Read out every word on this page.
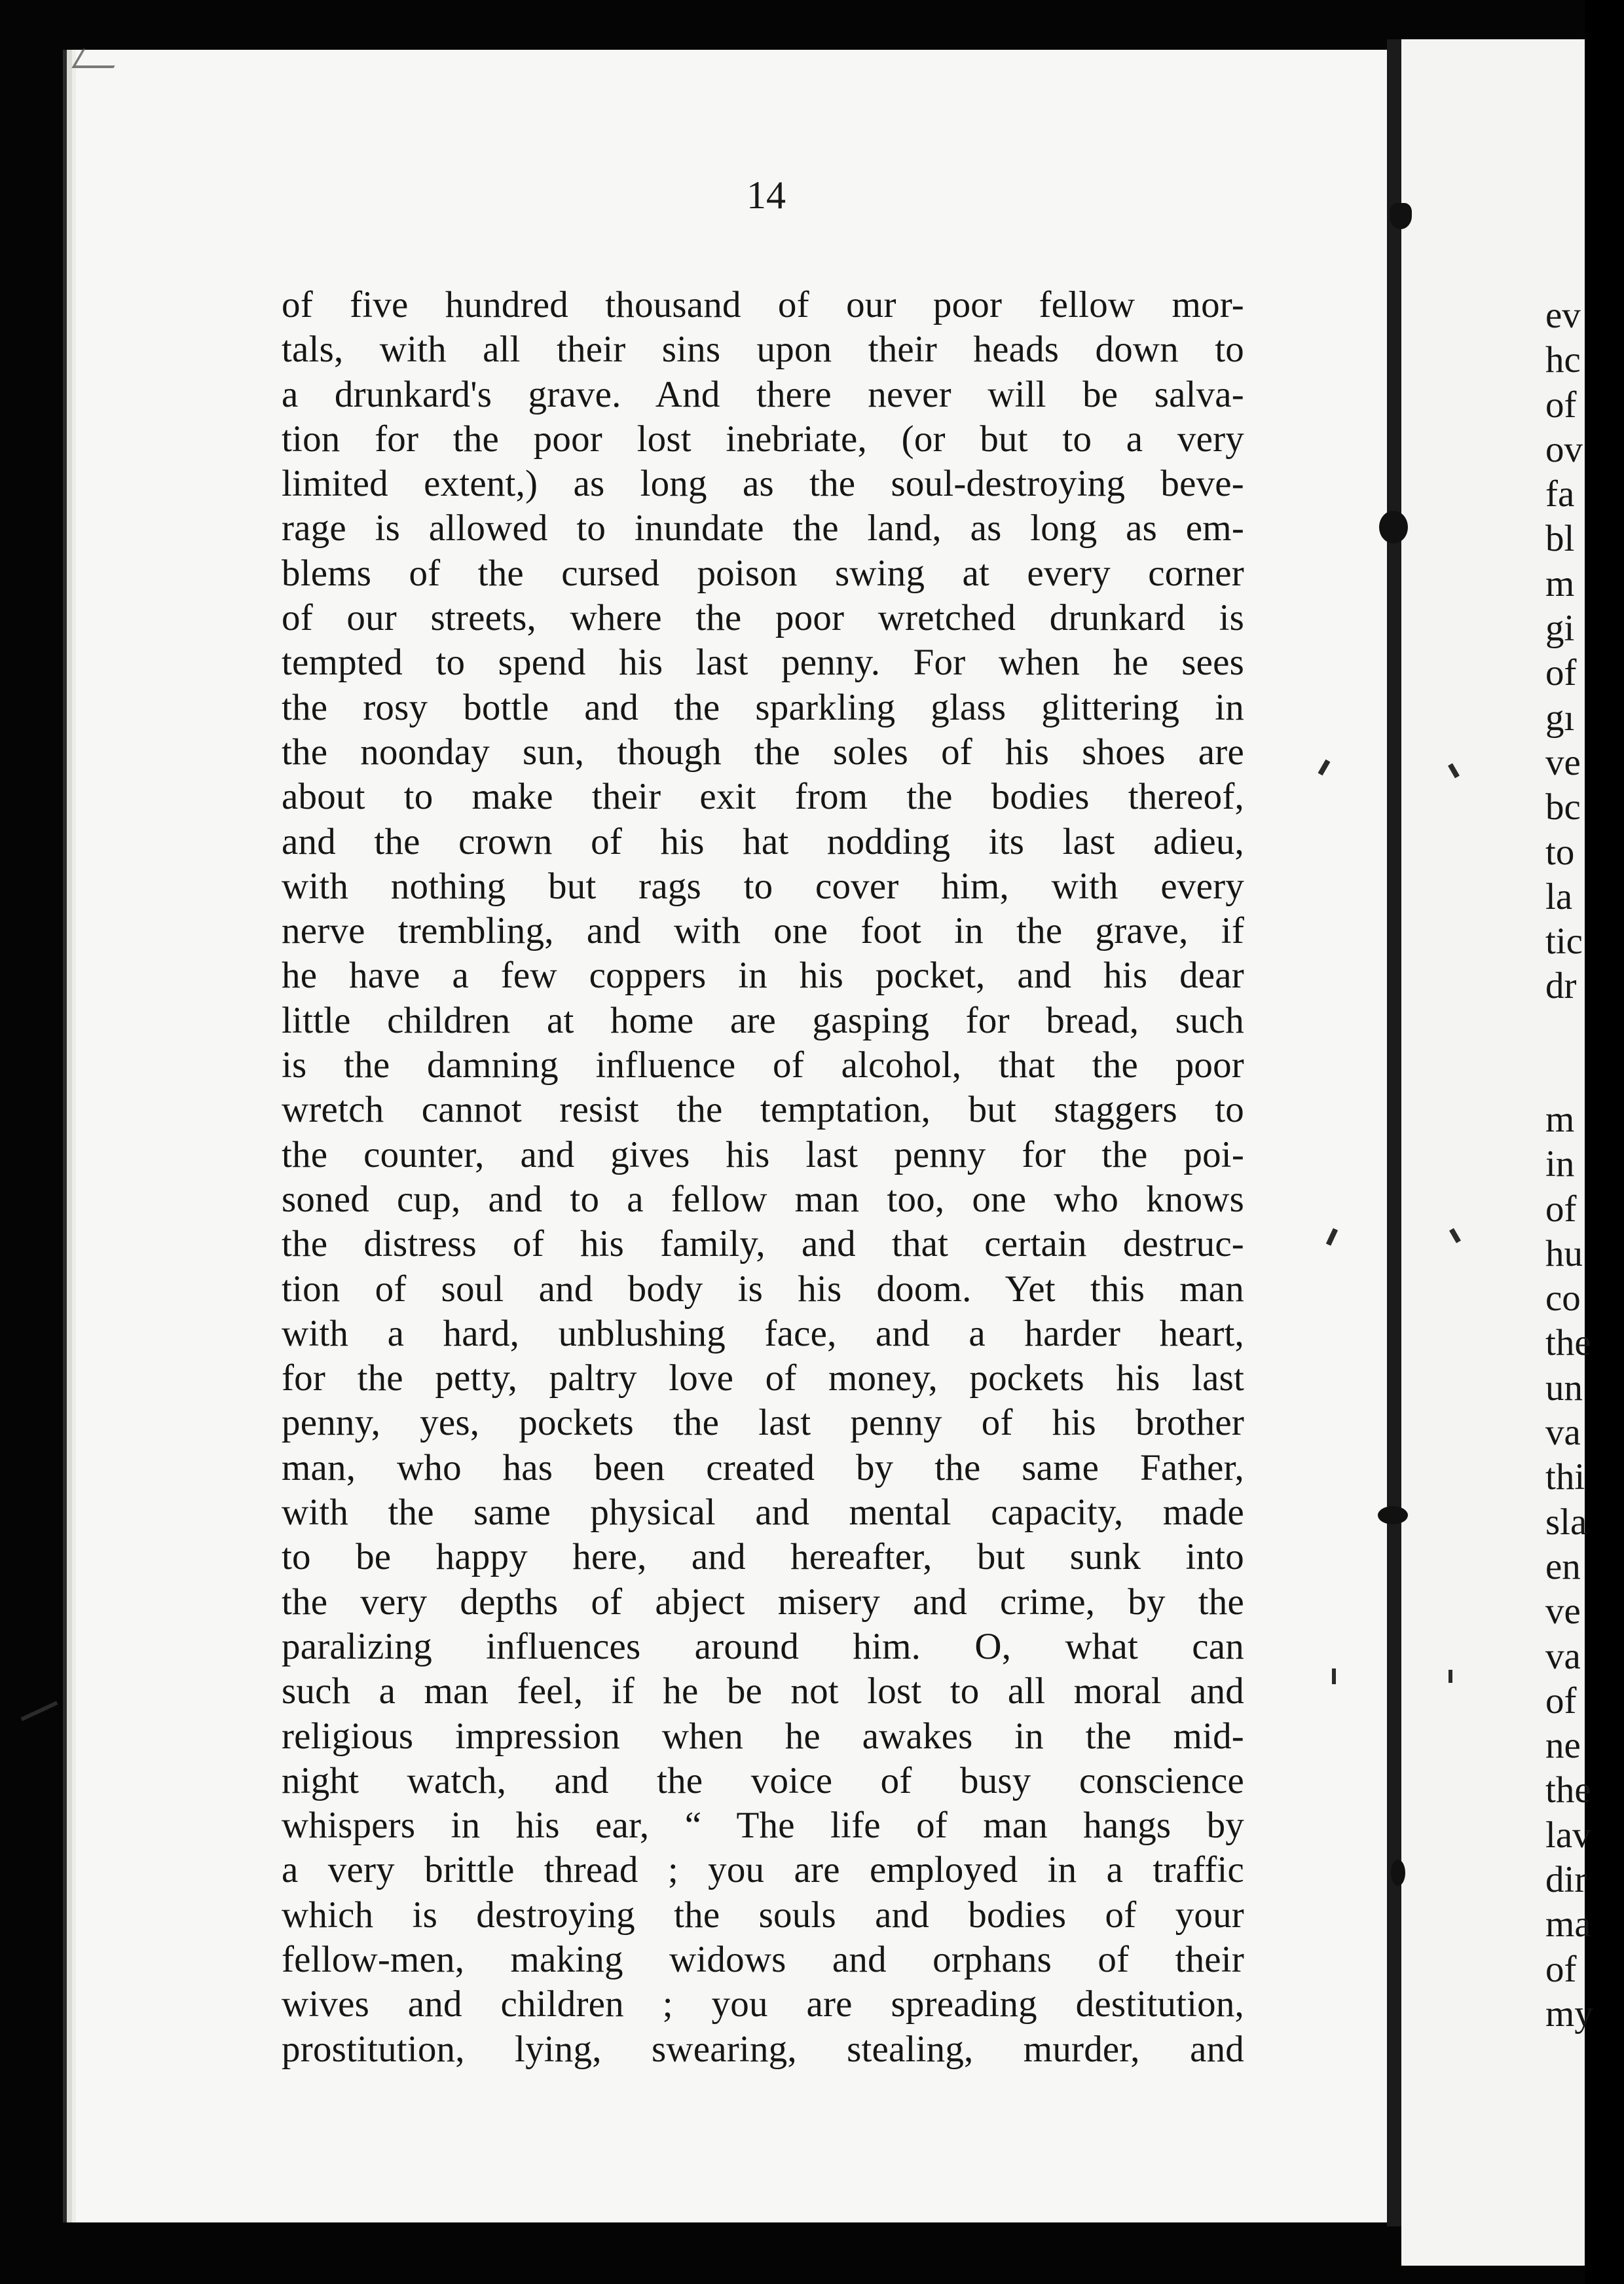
14
of five hundred thousand of our poor fellow mor-
tals, with all their sins upon their heads down to
a drunkard's grave. And there never will be salva-
tion for the poor lost inebriate, (or but to a very
limited extent,) as long as the soul-destroying beve-
rage is allowed to inundate the land, as long as em-
blems of the cursed poison swing at every corner
of our streets, where the poor wretched drunkard is
tempted to spend his last penny. For when he sees
the rosy bottle and the sparkling glass glittering in
the noonday sun, though the soles of his shoes are
about to make their exit from the bodies thereof,
and the crown of his hat nodding its last adieu,
with nothing but rags to cover him, with every
nerve trembling, and with one foot in the grave, if
he have a few coppers in his pocket, and his dear
little children at home are gasping for bread, such
is the damning influence of alcohol, that the poor
wretch cannot resist the temptation, but staggers to
the counter, and gives his last penny for the poi-
soned cup, and to a fellow man too, one who knows
the distress of his family, and that certain destruc-
tion of soul and body is his doom. Yet this man
with a hard, unblushing face, and a harder heart,
for the petty, paltry love of money, pockets his last
penny, yes, pockets the last penny of his brother
man, who has been created by the same Father,
with the same physical and mental capacity, made
to be happy here, and hereafter, but sunk into
the very depths of abject misery and crime, by the
paralizing influences around him. O, what can
such a man feel, if he be not lost to all moral and
religious impression when he awakes in the mid-
night watch, and the voice of busy conscience
whispers in his ear, “ The life of man hangs by
a very brittle thread ; you are employed in a traffic
which is destroying the souls and bodies of your
fellow-men, making widows and orphans of their
wives and children ; you are spreading destitution,
prostitution, lying, swearing, stealing, murder, and
ev
hc
of
ov
fa
bl
m
gi
of
gı
ve
bc
to
la
tic
dr
m
in
of
hu
co
the
un
va
thi
sla
en
ve
va
of
ne
the
lav
dir
ma
of
my
